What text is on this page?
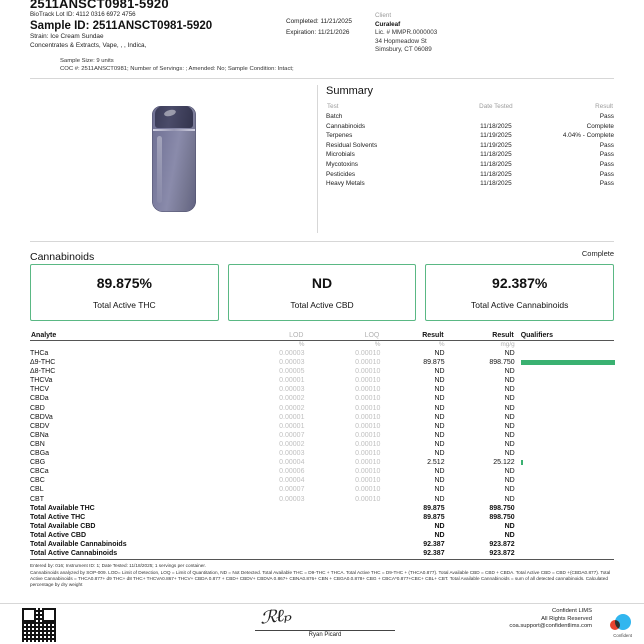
2511ANSCT0981-5920
BioTrack Lot ID: 4112 0316 6972 4756
Sample ID: 2511ANSCT0981-5920
Strain: Ice Cream Sundae
Concentrates & Extracts, Vape, , , Indica,
Completed: 11/21/2025
Expiration: 11/21/2026
Client
Curaleaf
Lic. # MMPR.0000003
34 Hopmeadow St
Simsbury, CT 06089
Sample Size: 9 units
COC #: 2511ANSCT0981; Number of Servings: ; Amended: No; Sample Condition: Intact;
Summary
Test	Date Tested	Result
Batch		Pass
Cannabinoids	11/18/2025	Complete
Terpenes	11/19/2025	4.04% - Complete
Residual Solvents	11/19/2025	Pass
Microbials	11/18/2025	Pass
Mycotoxins	11/18/2025	Pass
Pesticides	11/18/2025	Pass
Heavy Metals	11/18/2025	Pass
Cannabinoids	Complete
89.875%
Total Active THC
ND
Total Active CBD
92.387%
Total Active Cannabinoids
Analyte	LOD	LOQ	Result	Result	Qualifiers
	%	%	%	mg/g	
THCa	0.00003	0.00010	ND	ND	
Δ9-THC	0.00003	0.00010	89.875	898.750	
Δ8-THC	0.00005	0.00010	ND	ND	
THCVa	0.00001	0.00010	ND	ND	
THCV	0.00003	0.00010	ND	ND	
CBDa	0.00002	0.00010	ND	ND	
CBD	0.00002	0.00010	ND	ND	
CBDVa	0.00001	0.00010	ND	ND	
CBDV	0.00001	0.00010	ND	ND	
CBNa	0.00007	0.00010	ND	ND	
CBN	0.00002	0.00010	ND	ND	
CBGa	0.00003	0.00010	ND	ND	
CBG	0.00004	0.00010	2.512	25.122	
CBCa	0.00006	0.00010	ND	ND	
CBC	0.00004	0.00010	ND	ND	
CBL	0.00007	0.00010	ND	ND	
CBT	0.00003	0.00010	ND	ND	
Total Available THC			89.875	898.750	
Total Active THC			89.875	898.750	
Total Available CBD			ND	ND	
Total Active CBD			ND	ND	
Total Available Cannabinoids			92.387	923.872	
Total Active Cannabinoids			92.387	923.872	
Entered by: 016; Instrument ID: 1; Date Tested: 11/18/2025; 1 servings per container.
Cannabinoids analyzed by SOP-009. LOD= Limit of Detection, LOQ = Limit of Quantitation, ND = Not Detected. Total Available THC = D9-THC + THCA. Total Active THC = D9-THC + (THCA0.877). Total Available CBD = CBD + CBDA. Total Active CBD = CBD +(CBDA0.877). Total Active Cannabinoids = THCA0.877+ d9 THC+ d8 THC+ THCVA0.867+ THCV+ CBDA 0.877 + CBD+ CBDV+ CBDVA 0.867+ CBNA0.876+ CBN + CBGA0.0.878+ CBG + CBCA*0.877+CBC+ CBL+ CBT. Total Available Cannabinoids = sum of all detected cannabinoids. Calculated percentage by dry weight
ℛℓₚ
Ryan Picard
Confident LIMS
All Rights Reserved
coa.support@confidentlims.com
Confident
